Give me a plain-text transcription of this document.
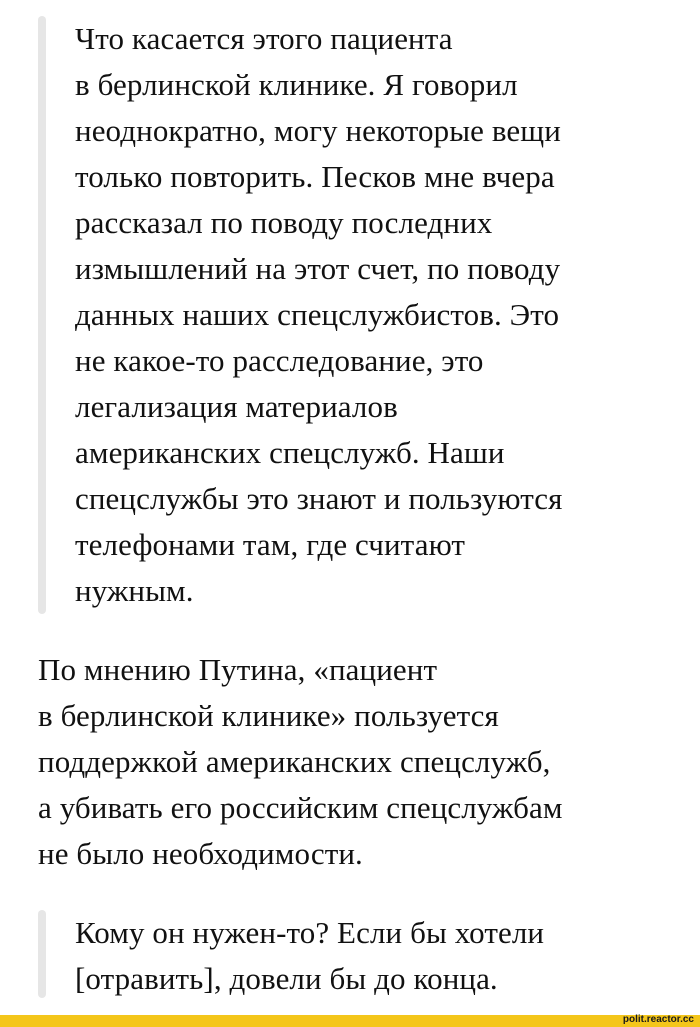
Что касается этого пациента
в берлинской клинике. Я говорил
неоднократно, могу некоторые вещи
только повторить. Песков мне вчера
рассказал по поводу последних
измышлений на этот счет, по поводу
данных наших спецслужбистов. Это
не какое-то расследование, это
легализация материалов
американских спецслужб. Наши
спецслужбы это знают и пользуются
телефонами там, где считают
нужным.
По мнению Путина, «пациент
в берлинской клинике» пользуется
поддержкой американских спецслужб,
а убивать его российским спецслужбам
не было необходимости.
Кому он нужен-то? Если бы хотели
[отравить], довели бы до конца.
polit.reactor.cc
